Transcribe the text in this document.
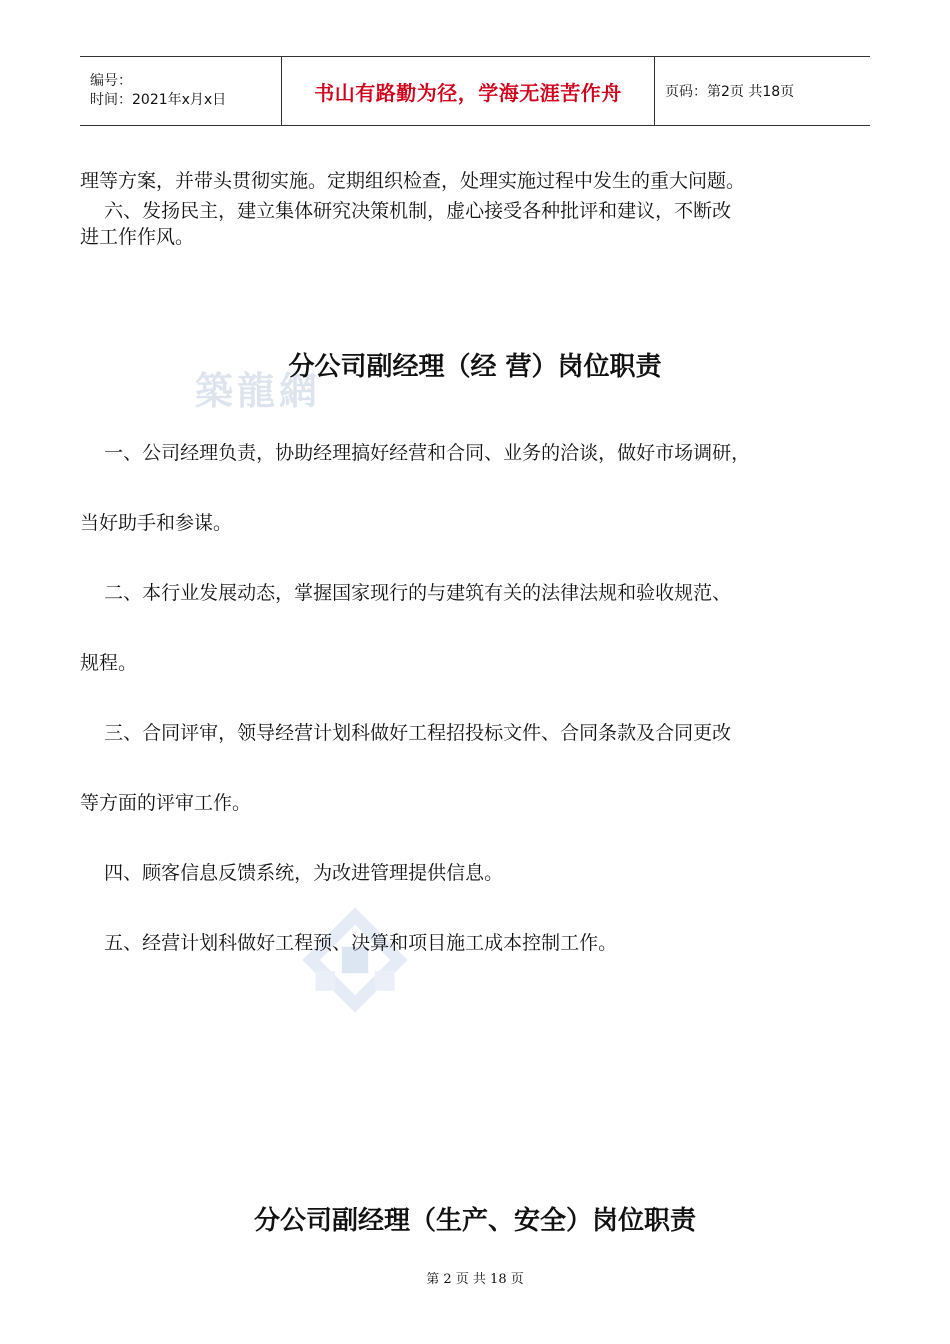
编号：
时间：2021年x月x日	书山有路勤为径，学海无涯苦作舟	页码：第2页 共18页
築龍網

理等方案，并带头贯彻实施。定期组织检查，处理实施过程中发生的重大问题。

六、发扬民主，建立集体研究决策机制，虚心接受各种批评和建议，不断改

进工作作风。

分公司副经理（经 营）岗位职责

一、公司经理负责，协助经理搞好经营和合同、业务的洽谈，做好市场调研，

当好助手和参谋。

二、本行业发展动态，掌握国家现行的与建筑有关的法律法规和验收规范、

规程。

三、合同评审，领导经营计划科做好工程招投标文件、合同条款及合同更改

等方面的评审工作。

四、顾客信息反馈系统，为改进管理提供信息。

五、经营计划科做好工程预、决算和项目施工成本控制工作。

分公司副经理（生产、安全）岗位职责
第 2 页 共 18 页
